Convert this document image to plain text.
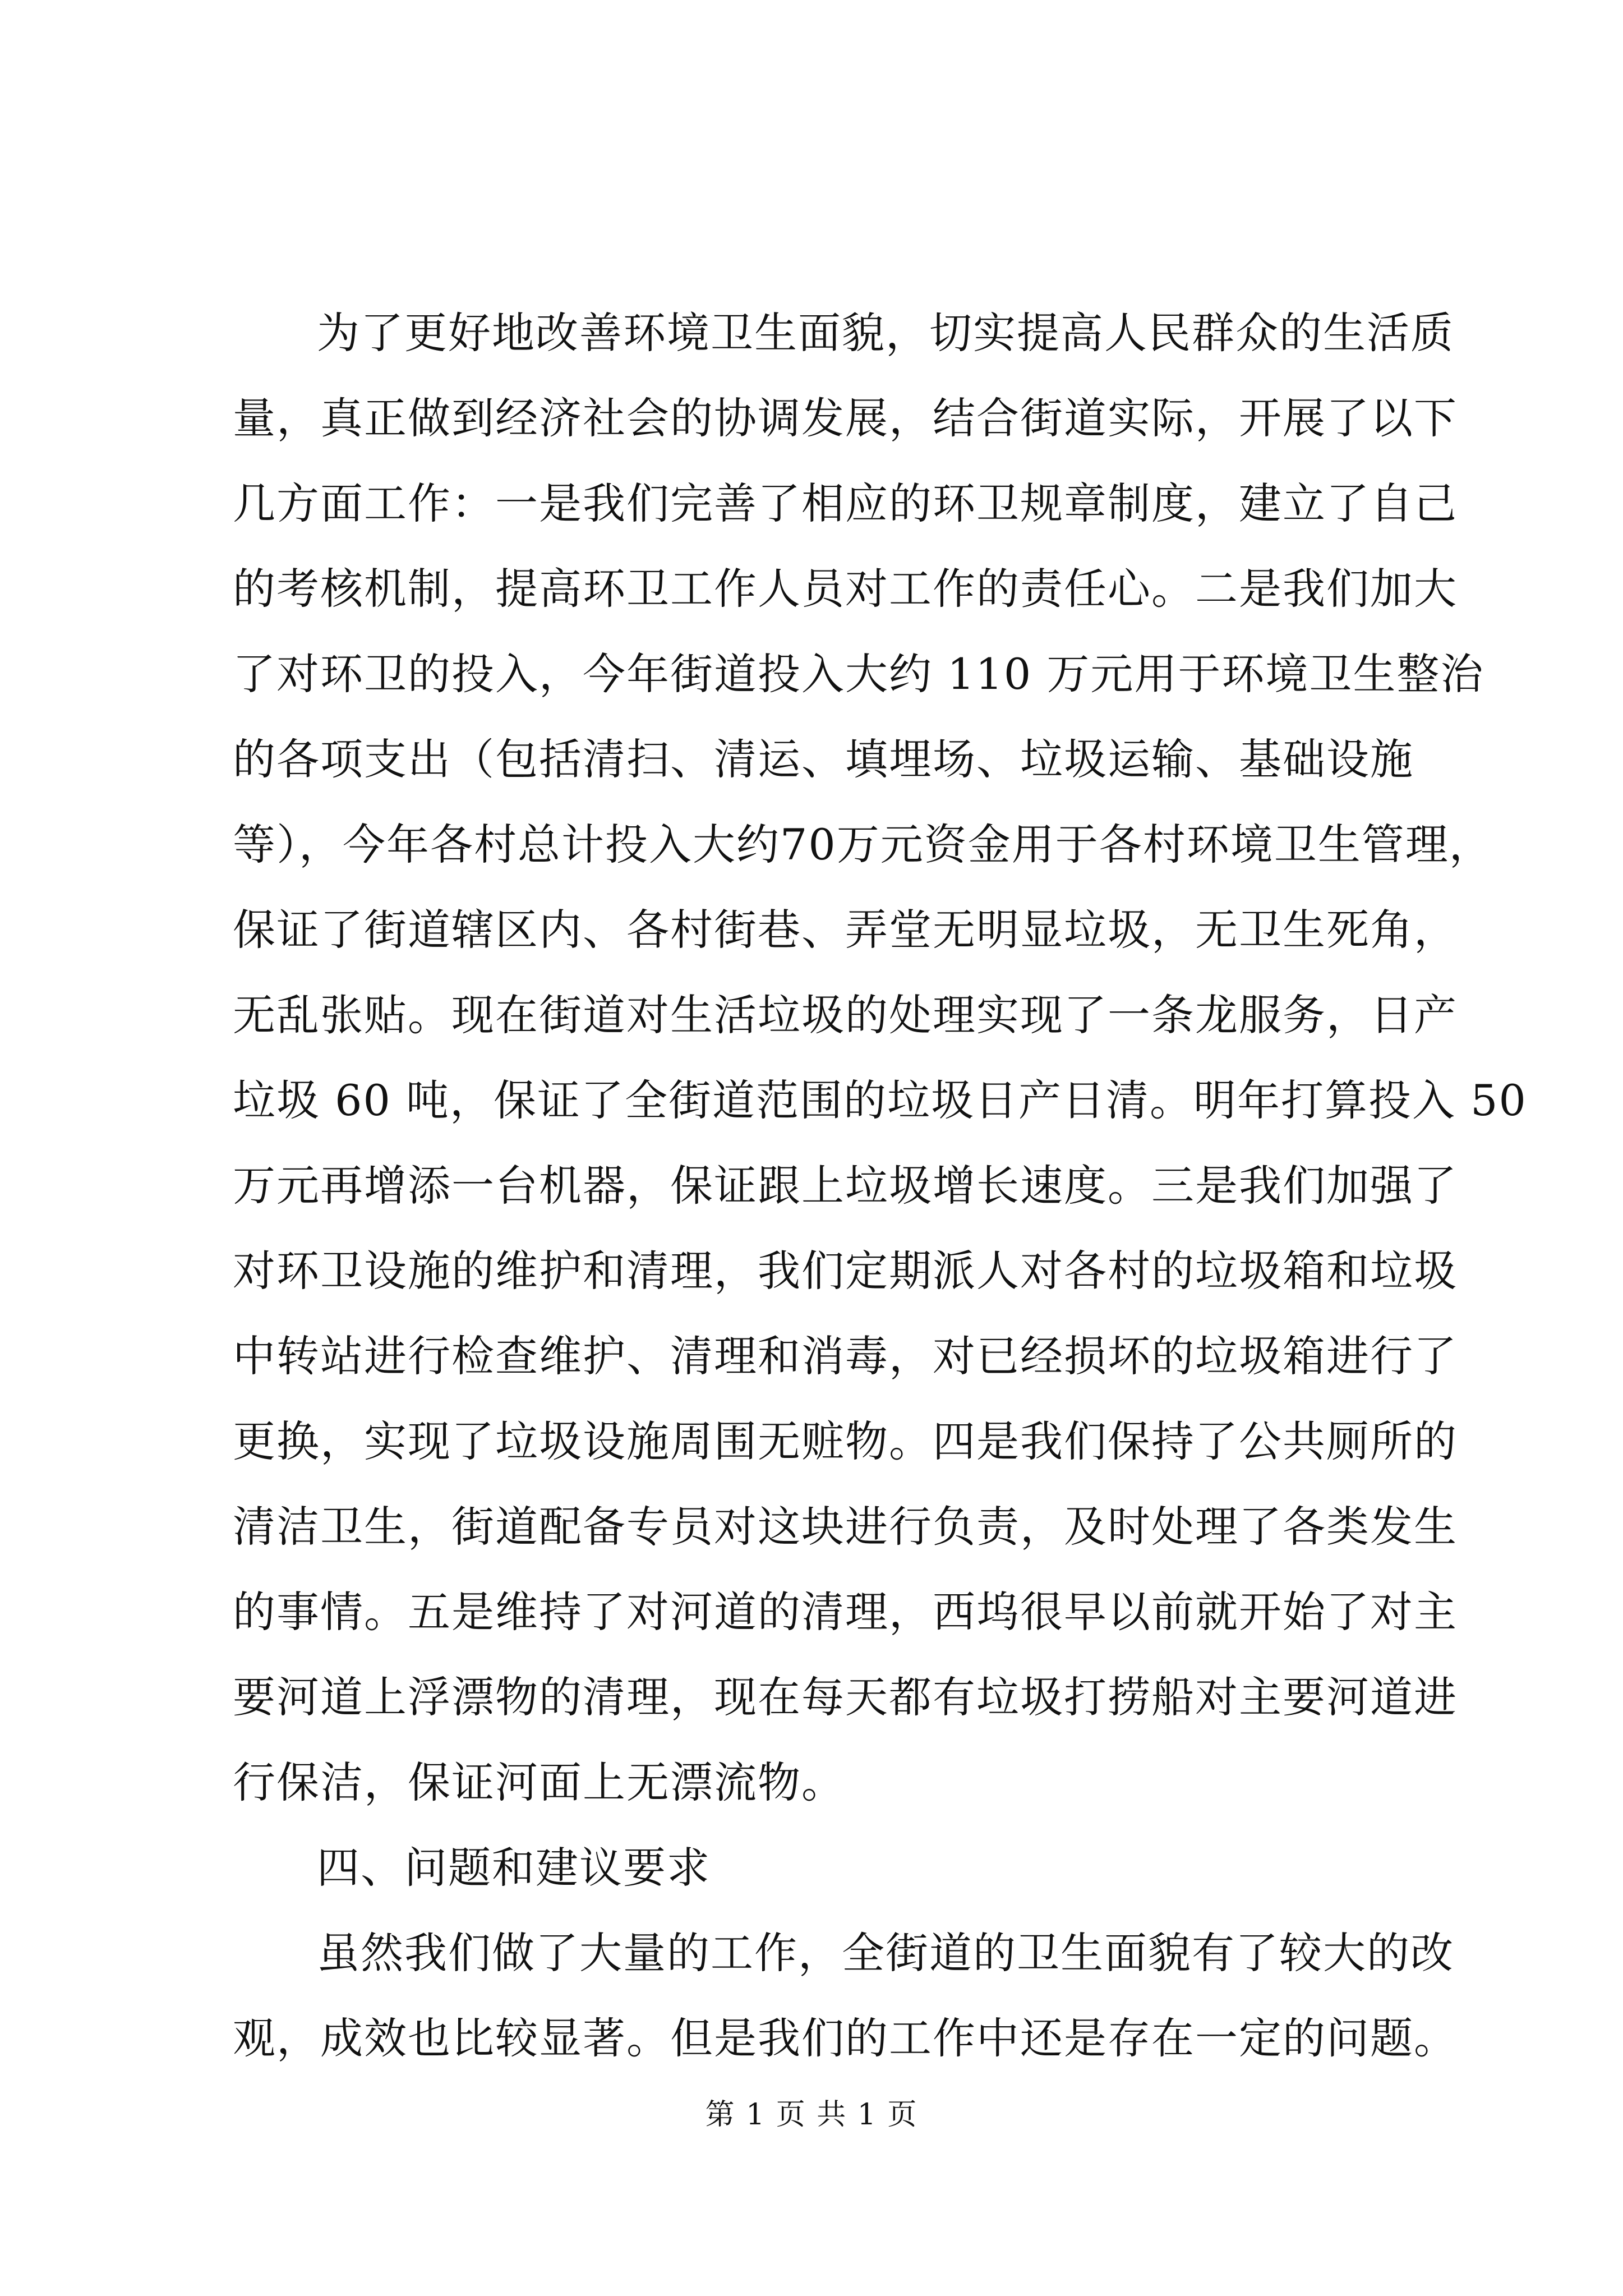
为了更好地改善环境卫生面貌，切实提高人民群众的生活质
量，真正做到经济社会的协调发展，结合街道实际，开展了以下
几方面工作：一是我们完善了相应的环卫规章制度，建立了自己
的考核机制，提高环卫工作人员对工作的责任心。二是我们加大
了对环卫的投入，今年街道投入大约 110 万元用于环境卫生整治
的各项支出（包括清扫、清运、填埋场、垃圾运输、基础设施
等），今年各村总计投入大约70万元资金用于各村环境卫生管理，
保证了街道辖区内、各村街巷、弄堂无明显垃圾，无卫生死角，
无乱张贴。现在街道对生活垃圾的处理实现了一条龙服务，日产
垃圾 60 吨，保证了全街道范围的垃圾日产日清。明年打算投入 50
万元再增添一台机器，保证跟上垃圾增长速度。三是我们加强了
对环卫设施的维护和清理，我们定期派人对各村的垃圾箱和垃圾
中转站进行检查维护、清理和消毒，对已经损坏的垃圾箱进行了
更换，实现了垃圾设施周围无赃物。四是我们保持了公共厕所的
清洁卫生，街道配备专员对这块进行负责，及时处理了各类发生
的事情。五是维持了对河道的清理，西坞很早以前就开始了对主
要河道上浮漂物的清理，现在每天都有垃圾打捞船对主要河道进
行保洁，保证河面上无漂流物。
四、问题和建议要求
虽然我们做了大量的工作，全街道的卫生面貌有了较大的改
观，成效也比较显著。但是我们的工作中还是存在一定的问题。
第 1 页 共 1 页
